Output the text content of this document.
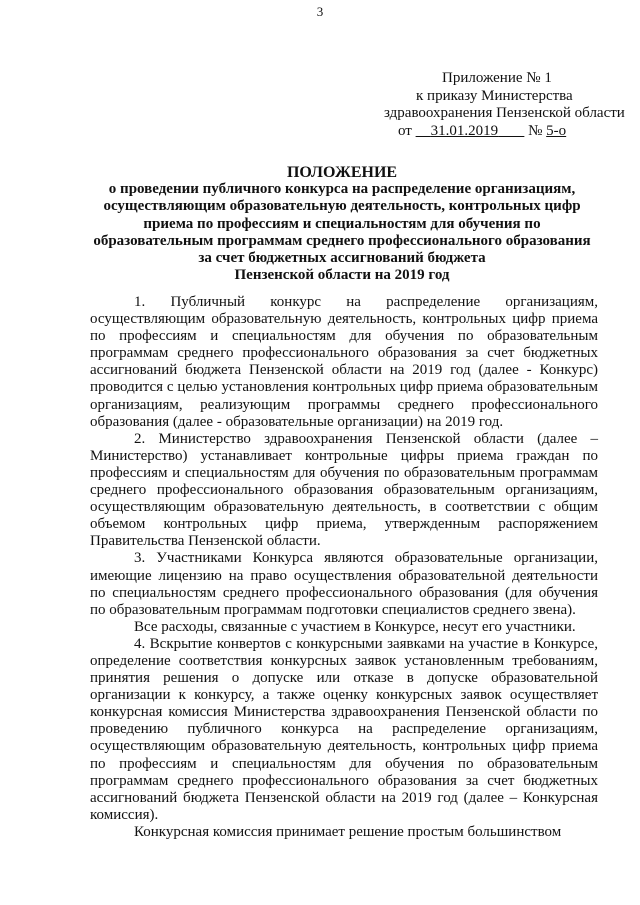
3
Приложение № 1
к приказу Министерства
здравоохранения Пензенской области
от 31.01.2019 № 5-о
ПОЛОЖЕНИЕ
о проведении публичного конкурса на распределение организациям,
осуществляющим образовательную деятельность, контрольных цифр
приема по профессиям и специальностям для обучения по
образовательным программам среднего профессионального образования
за счет бюджетных ассигнований бюджета
Пензенской области на 2019 год

1. Публичный конкурс на распределение организациям, осуществляющим образовательную деятельность, контрольных цифр приема по профессиям и специальностям для обучения по образовательным программам среднего профессионального образования за счет бюджетных ассигнований бюджета Пензенской области на 2019 год (далее - Конкурс) проводится с целью установления контрольных цифр приема образовательным организациям, реализующим программы среднего профессионального образования (далее - образовательные организации) на 2019 год.

2. Министерство здравоохранения Пензенской области (далее – Министерство) устанавливает контрольные цифры приема граждан по профессиям и специальностям для обучения по образовательным программам среднего профессионального образования образовательным организациям, осуществляющим образовательную деятельность, в соответствии с общим объемом контрольных цифр приема, утвержденным распоряжением Правительства Пензенской области.

3. Участниками Конкурса являются образовательные организации, имеющие лицензию на право осуществления образовательной деятельности по специальностям среднего профессионального образования (для обучения по образовательным программам подготовки специалистов среднего звена).

Все расходы, связанные с участием в Конкурсе, несут его участники.

4. Вскрытие конвертов с конкурсными заявками на участие в Конкурсе, определение соответствия конкурсных заявок установленным требованиям, принятия решения о допуске или отказе в допуске образовательной организации к конкурсу, а также оценку конкурсных заявок осуществляет конкурсная комиссия Министерства здравоохранения Пензенской области по проведению публичного конкурса на распределение организациям, осуществляющим образовательную деятельность, контрольных цифр приема по профессиям и специальностям для обучения по образовательным программам среднего профессионального образования за счет бюджетных ассигнований бюджета Пензенской области на 2019 год (далее – Конкурсная комиссия).

Конкурсная комиссия принимает решение простым большинством
